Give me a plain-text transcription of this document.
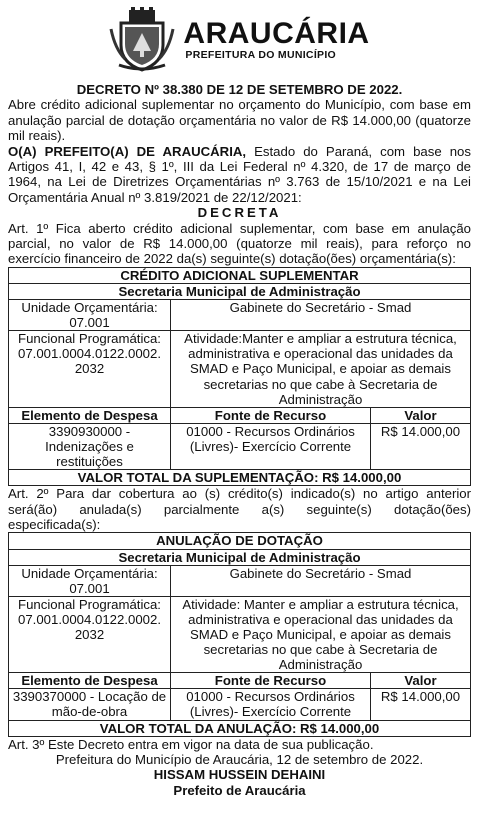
ARAUCÁRIA
PREFEITURA DO MUNICÍPIO
DECRETO Nº 38.380 DE 12 DE SETEMBRO DE 2022.
Abre crédito adicional suplementar no orçamento do Município, com base em anulação parcial de dotação orçamentária no valor de R$ 14.000,00 (quatorze mil reais).
O(A) PREFEITO(A) DE ARAUCÁRIA, Estado do Paraná, com base nos Artigos 41, I, 42 e 43, § 1º, III da Lei Federal nº 4.320, de 17 de março de 1964, na Lei de Diretrizes Orçamentárias nº 3.763 de 15/10/2021 e na Lei Orçamentária Anual nº 3.819/2021 de 22/12/2021:
DECRETA
Art. 1º Fica aberto crédito adicional suplementar, com base em anulação parcial, no valor de R$ 14.000,00 (quatorze mil reais), para reforço no exercício financeiro de 2022 da(s) seguinte(s) dotação(ões) orçamentária(s):
CRÉDITO ADICIONAL SUPLEMENTAR		
Secretaria Municipal de Administração		
Unidade Orçamentária: 07.001	Gabinete do Secretário - Smad	
Funcional Programática: 07.001.0004.0122.0002. 2032	Atividade:Manter e ampliar a estrutura técnica, administrativa e operacional das unidades da SMAD e Paço Municipal, e apoiar as demais secretarias no que cabe à Secretaria de Administração	
Elemento de Despesa	Fonte de Recurso	Valor
3390930000 - Indenizações e restituições	01000 - Recursos Ordinários (Livres)- Exercício Corrente	R$ 14.000,00
VALOR TOTAL DA SUPLEMENTAÇÃO: R$ 14.000,00		
Art. 2º Para dar cobertura ao (s) crédito(s) indicado(s) no artigo anterior será(ão) anulada(s) parcialmente a(s) seguinte(s) dotação(ões) especificada(s):
ANULAÇÃO DE DOTAÇÃO		
Secretaria Municipal de Administração		
Unidade Orçamentária: 07.001	Gabinete do Secretário - Smad	
Funcional Programática: 07.001.0004.0122.0002. 2032	Atividade: Manter e ampliar a estrutura técnica, administrativa e operacional das unidades da SMAD e Paço Municipal, e apoiar as demais secretarias no que cabe à Secretaria de Administração	
Elemento de Despesa	Fonte de Recurso	Valor
3390370000 - Locação de mão-de-obra	01000 - Recursos Ordinários (Livres)- Exercício Corrente	R$ 14.000,00
VALOR TOTAL DA ANULAÇÃO: R$ 14.000,00		
Art. 3º Este Decreto entra em vigor na data de sua publicação.
Prefeitura do Município de Araucária, 12 de setembro de 2022.
HISSAM HUSSEIN DEHAINI
Prefeito de Araucária
